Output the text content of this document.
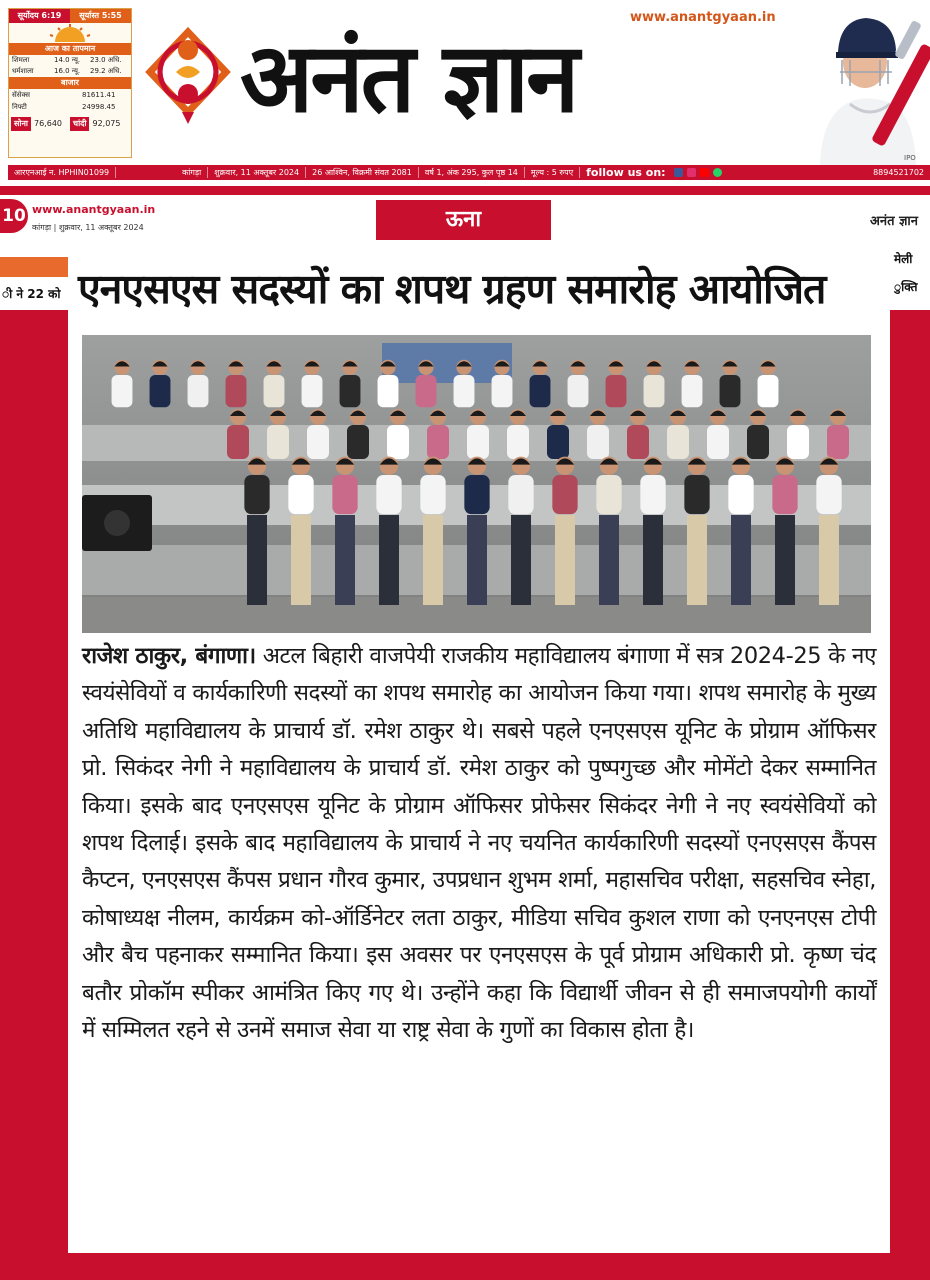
सूर्योदय 6:19	सूर्यास्त 5:55
आज का तापमान
शिमला	14.0 न्यू.	23.0 अधि.
धर्मशाला	16.0 न्यू.	29.2 अधि.
बाजार
सेंसेक्स	81611.41
निफ्टी	24998.45
सोना 76,640	चांदी 92,075
www.anantgyaan.in
अनंत ज्ञान
IPO
आरएनआई न. HPHIN01099	कांगड़ा	शुक्रवार, 11 अक्तूबर 2024	26 आश्विन, विक्रमी संवत 2081	वर्ष 1, अंक 295, कुल पृष्ठ 14	मूल्य : 5 रुपए	follow us on:	8894521702
10 www.anantgyaan.in
कांगड़ा | शुक्रवार, 11 अक्तूबर 2024	ऊना	अनंत ज्ञान
ी ने 22 को
मेली
ुक्ति
एनएसएस सदस्यों का शपथ ग्रहण समारोह आयोजित
राजेश ठाकुर, बंगाणा। अटल बिहारी वाजपेयी राजकीय महाविद्यालय बंगाणा में सत्र 2024-25 के नए स्वयंसेवियों व कार्यकारिणी सदस्यों का शपथ समारोह का आयोजन किया गया। शपथ समारोह के मुख्य अतिथि महाविद्यालय के प्राचार्य डॉ. रमेश ठाकुर थे। सबसे पहले एनएसएस यूनिट के प्रोग्राम ऑफिसर प्रो. सिकंदर नेगी ने महाविद्यालय के प्राचार्य डॉ. रमेश ठाकुर को पुष्पगुच्छ और मोमेंटो देकर सम्मानित किया। इसके बाद एनएसएस यूनिट के प्रोग्राम ऑफिसर प्रोफेसर सिकंदर नेगी ने नए स्वयंसेवियों को शपथ दिलाई। इसके बाद महाविद्यालय के प्राचार्य ने नए चयनित कार्यकारिणी सदस्यों एनएसएस कैंपस कैप्टन, एनएसएस कैंपस प्रधान गौरव कुमार, उपप्रधान शुभम शर्मा, महासचिव परीक्षा, सहसचिव स्नेहा, कोषाध्यक्ष नीलम, कार्यक्रम को-ऑर्डिनेटर लता ठाकुर, मीडिया सचिव कुशल राणा को एनएनएस टोपी और बैच पहनाकर सम्मानित किया। इस अवसर पर एनएसएस के पूर्व प्रोग्राम अधिकारी प्रो. कृष्ण चंद बतौर प्रोकॉम स्पीकर आमंत्रित किए गए थे। उन्होंने कहा कि विद्यार्थी जीवन से ही समाजपयोगी कार्यों में सम्मिलत रहने से उनमें समाज सेवा या राष्ट्र सेवा के गुणों का विकास होता है।
